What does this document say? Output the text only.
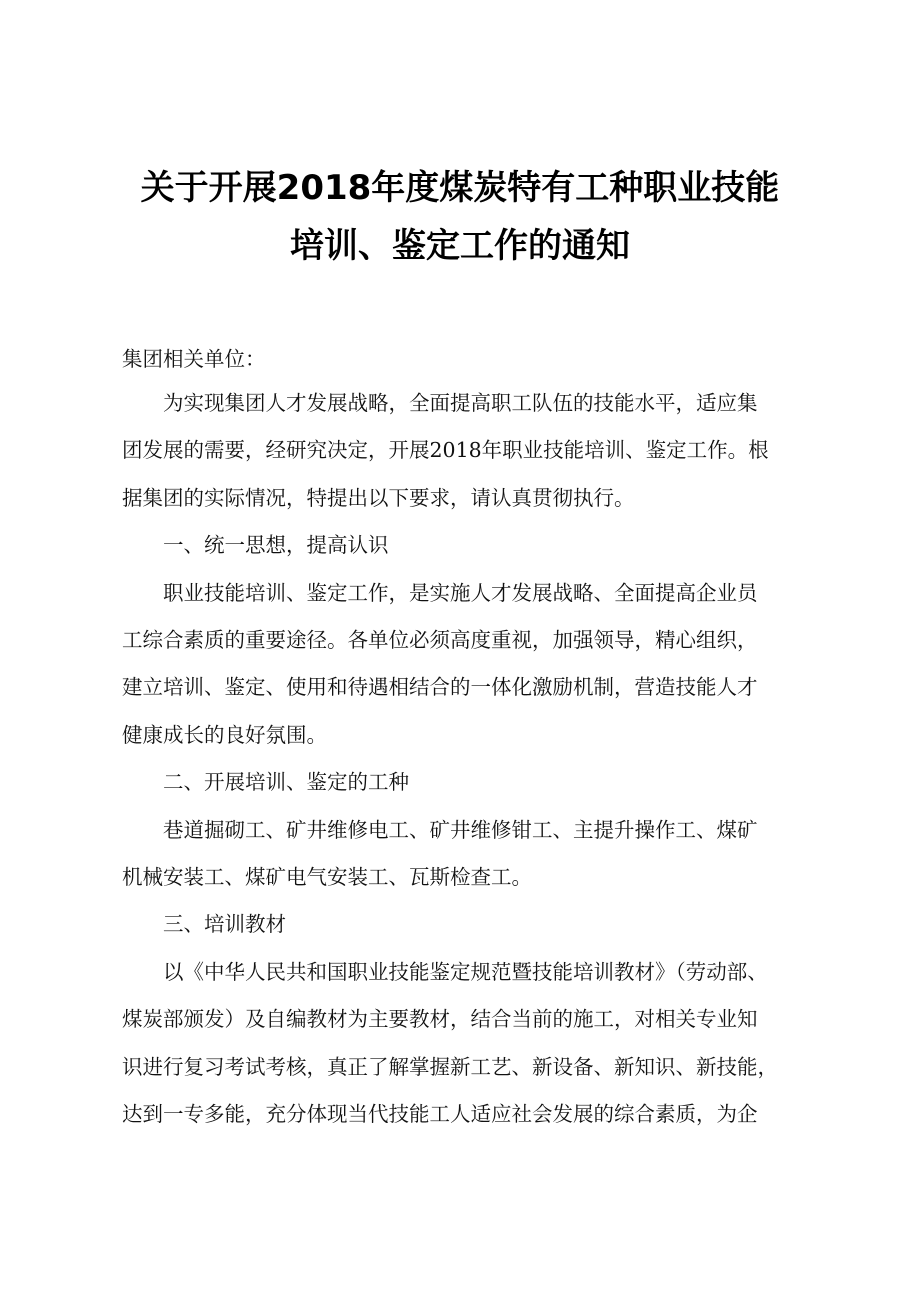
关于开展2018年度煤炭特有工种职业技能
培训、鉴定工作的通知
集团相关单位：
为实现集团人才发展战略，全面提高职工队伍的技能水平，适应集
团发展的需要，经研究决定，开展2018年职业技能培训、鉴定工作。根
据集团的实际情况，特提出以下要求，请认真贯彻执行。
一、统一思想，提高认识
职业技能培训、鉴定工作，是实施人才发展战略、全面提高企业员
工综合素质的重要途径。各单位必须高度重视，加强领导，精心组织，
建立培训、鉴定、使用和待遇相结合的一体化激励机制，营造技能人才
健康成长的良好氛围。
二、开展培训、鉴定的工种
巷道掘砌工、矿井维修电工、矿井维修钳工、主提升操作工、煤矿
机械安装工、煤矿电气安装工、瓦斯检查工。
三、培训教材
以《中华人民共和国职业技能鉴定规范暨技能培训教材》（劳动部、
煤炭部颁发）及自编教材为主要教材，结合当前的施工，对相关专业知
识进行复习考试考核，真正了解掌握新工艺、新设备、新知识、新技能，
达到一专多能，充分体现当代技能工人适应社会发展的综合素质，为企
